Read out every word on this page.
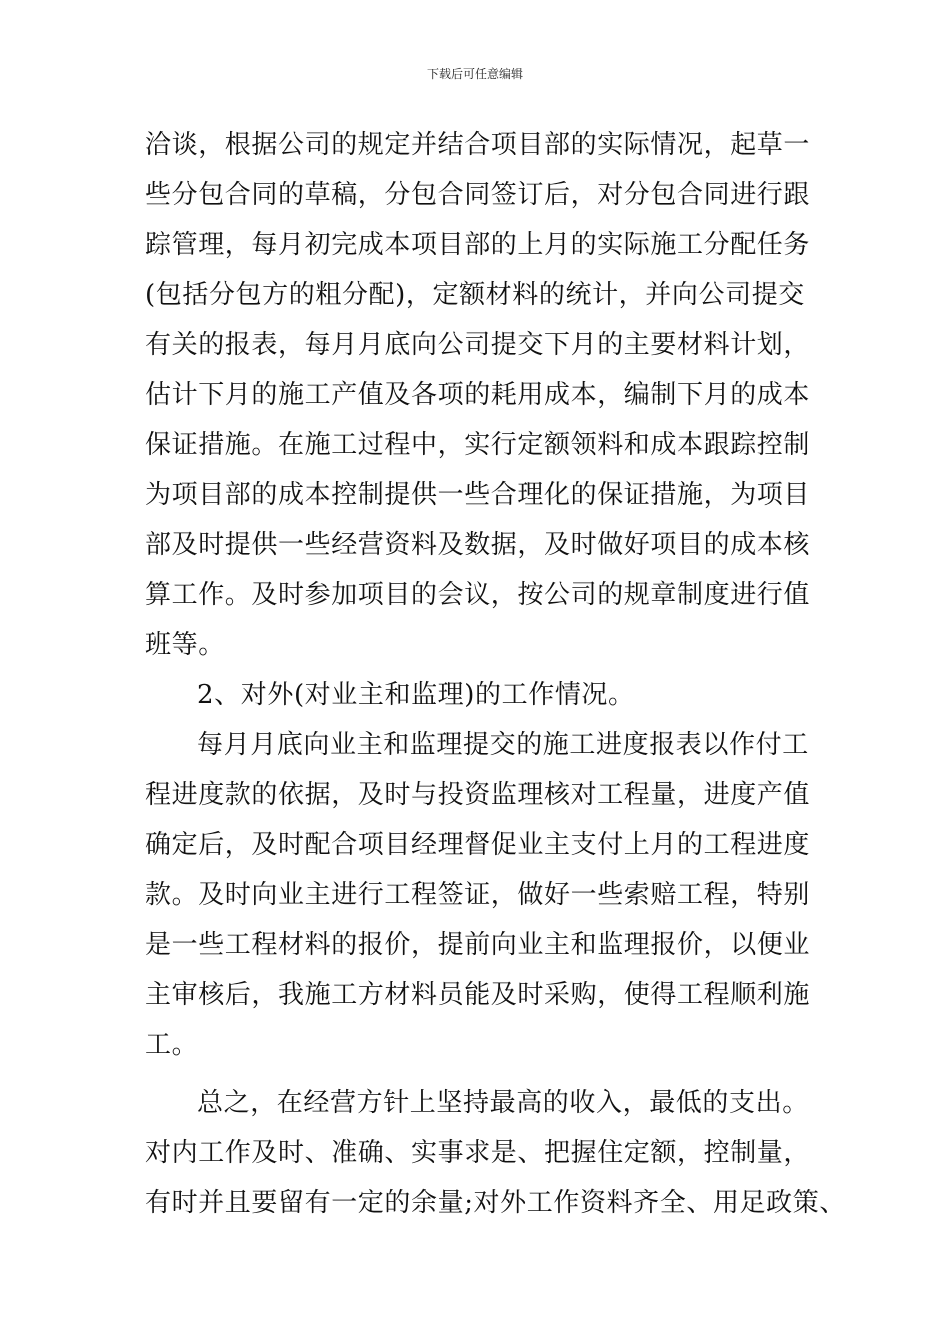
下载后可任意编辑
洽谈，根据公司的规定并结合项目部的实际情况，起草一
些分包合同的草稿，分包合同签订后，对分包合同进行跟
踪管理，每月初完成本项目部的上月的实际施工分配任务
(包括分包方的粗分配)，定额材料的统计，并向公司提交
有关的报表，每月月底向公司提交下月的主要材料计划，
估计下月的施工产值及各项的耗用成本，编制下月的成本
保证措施。在施工过程中，实行定额领料和成本跟踪控制
为项目部的成本控制提供一些合理化的保证措施，为项目
部及时提供一些经营资料及数据，及时做好项目的成本核
算工作。及时参加项目的会议，按公司的规章制度进行值
班等。
2、对外(对业主和监理)的工作情况。
每月月底向业主和监理提交的施工进度报表以作付工
程进度款的依据，及时与投资监理核对工程量，进度产值
确定后，及时配合项目经理督促业主支付上月的工程进度
款。及时向业主进行工程签证，做好一些索赔工程，特别
是一些工程材料的报价，提前向业主和监理报价，以便业
主审核后，我施工方材料员能及时采购，使得工程顺利施
工。
总之，在经营方针上坚持最高的收入，最低的支出。
对内工作及时、准确、实事求是、把握住定额，控制量，
有时并且要留有一定的余量;对外工作资料齐全、用足政策、
